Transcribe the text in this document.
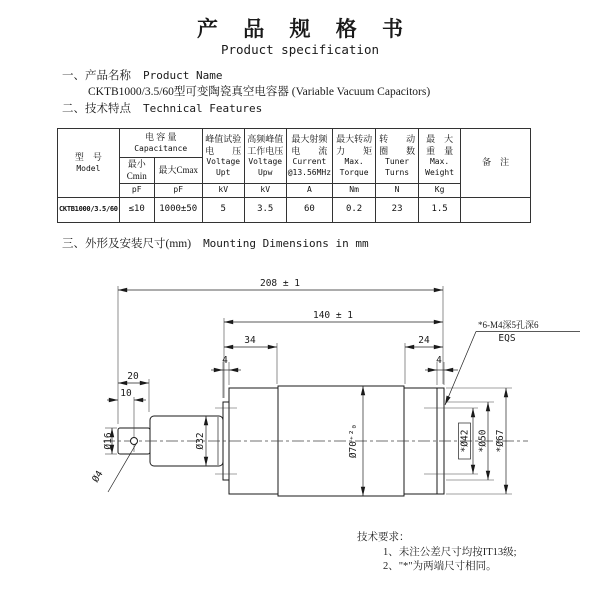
产 品 规 格 书
Product specification
一、产品名称 Product Name
CKTB1000/3.5/60型可变陶瓷真空电容器 (Variable Vacuum Capacitors)
二、技术特点 Technical Features
三、外形及安装尺寸(mm) Mounting Dimensions in mm
型　号
Model

电 容 量
Capacitance

峰值试验
电　　压
Voltage
Upt

高频峰值
工作电压
Voltage
Upw

最大射频
电　　流
Current
@13.56MHz

最大转动
力　　矩
Max.
Torque

转　　动
圈　　数
Tuner
Turns

最　大
重　量
Max.
Weight

备　注

	最小Cmin	最大Cmax							
	pF	pF	kV	kV	A	Nm	N	Kg	
CKTB1000/3.5/60	≤10	1000±50	5	3.5	60	0.2	23	1.5	
208 ± 1
140 ± 1
34	24
4	4
20
10
Ø16
Ø4
Ø32	Ø70⁺²₀	*Ø42 *Ø50 *Ø67
*6-M4深5孔深6
EQS
技术要求：
1、未注公差尺寸均按IT13级;
2、"*"为两端尺寸相同。
